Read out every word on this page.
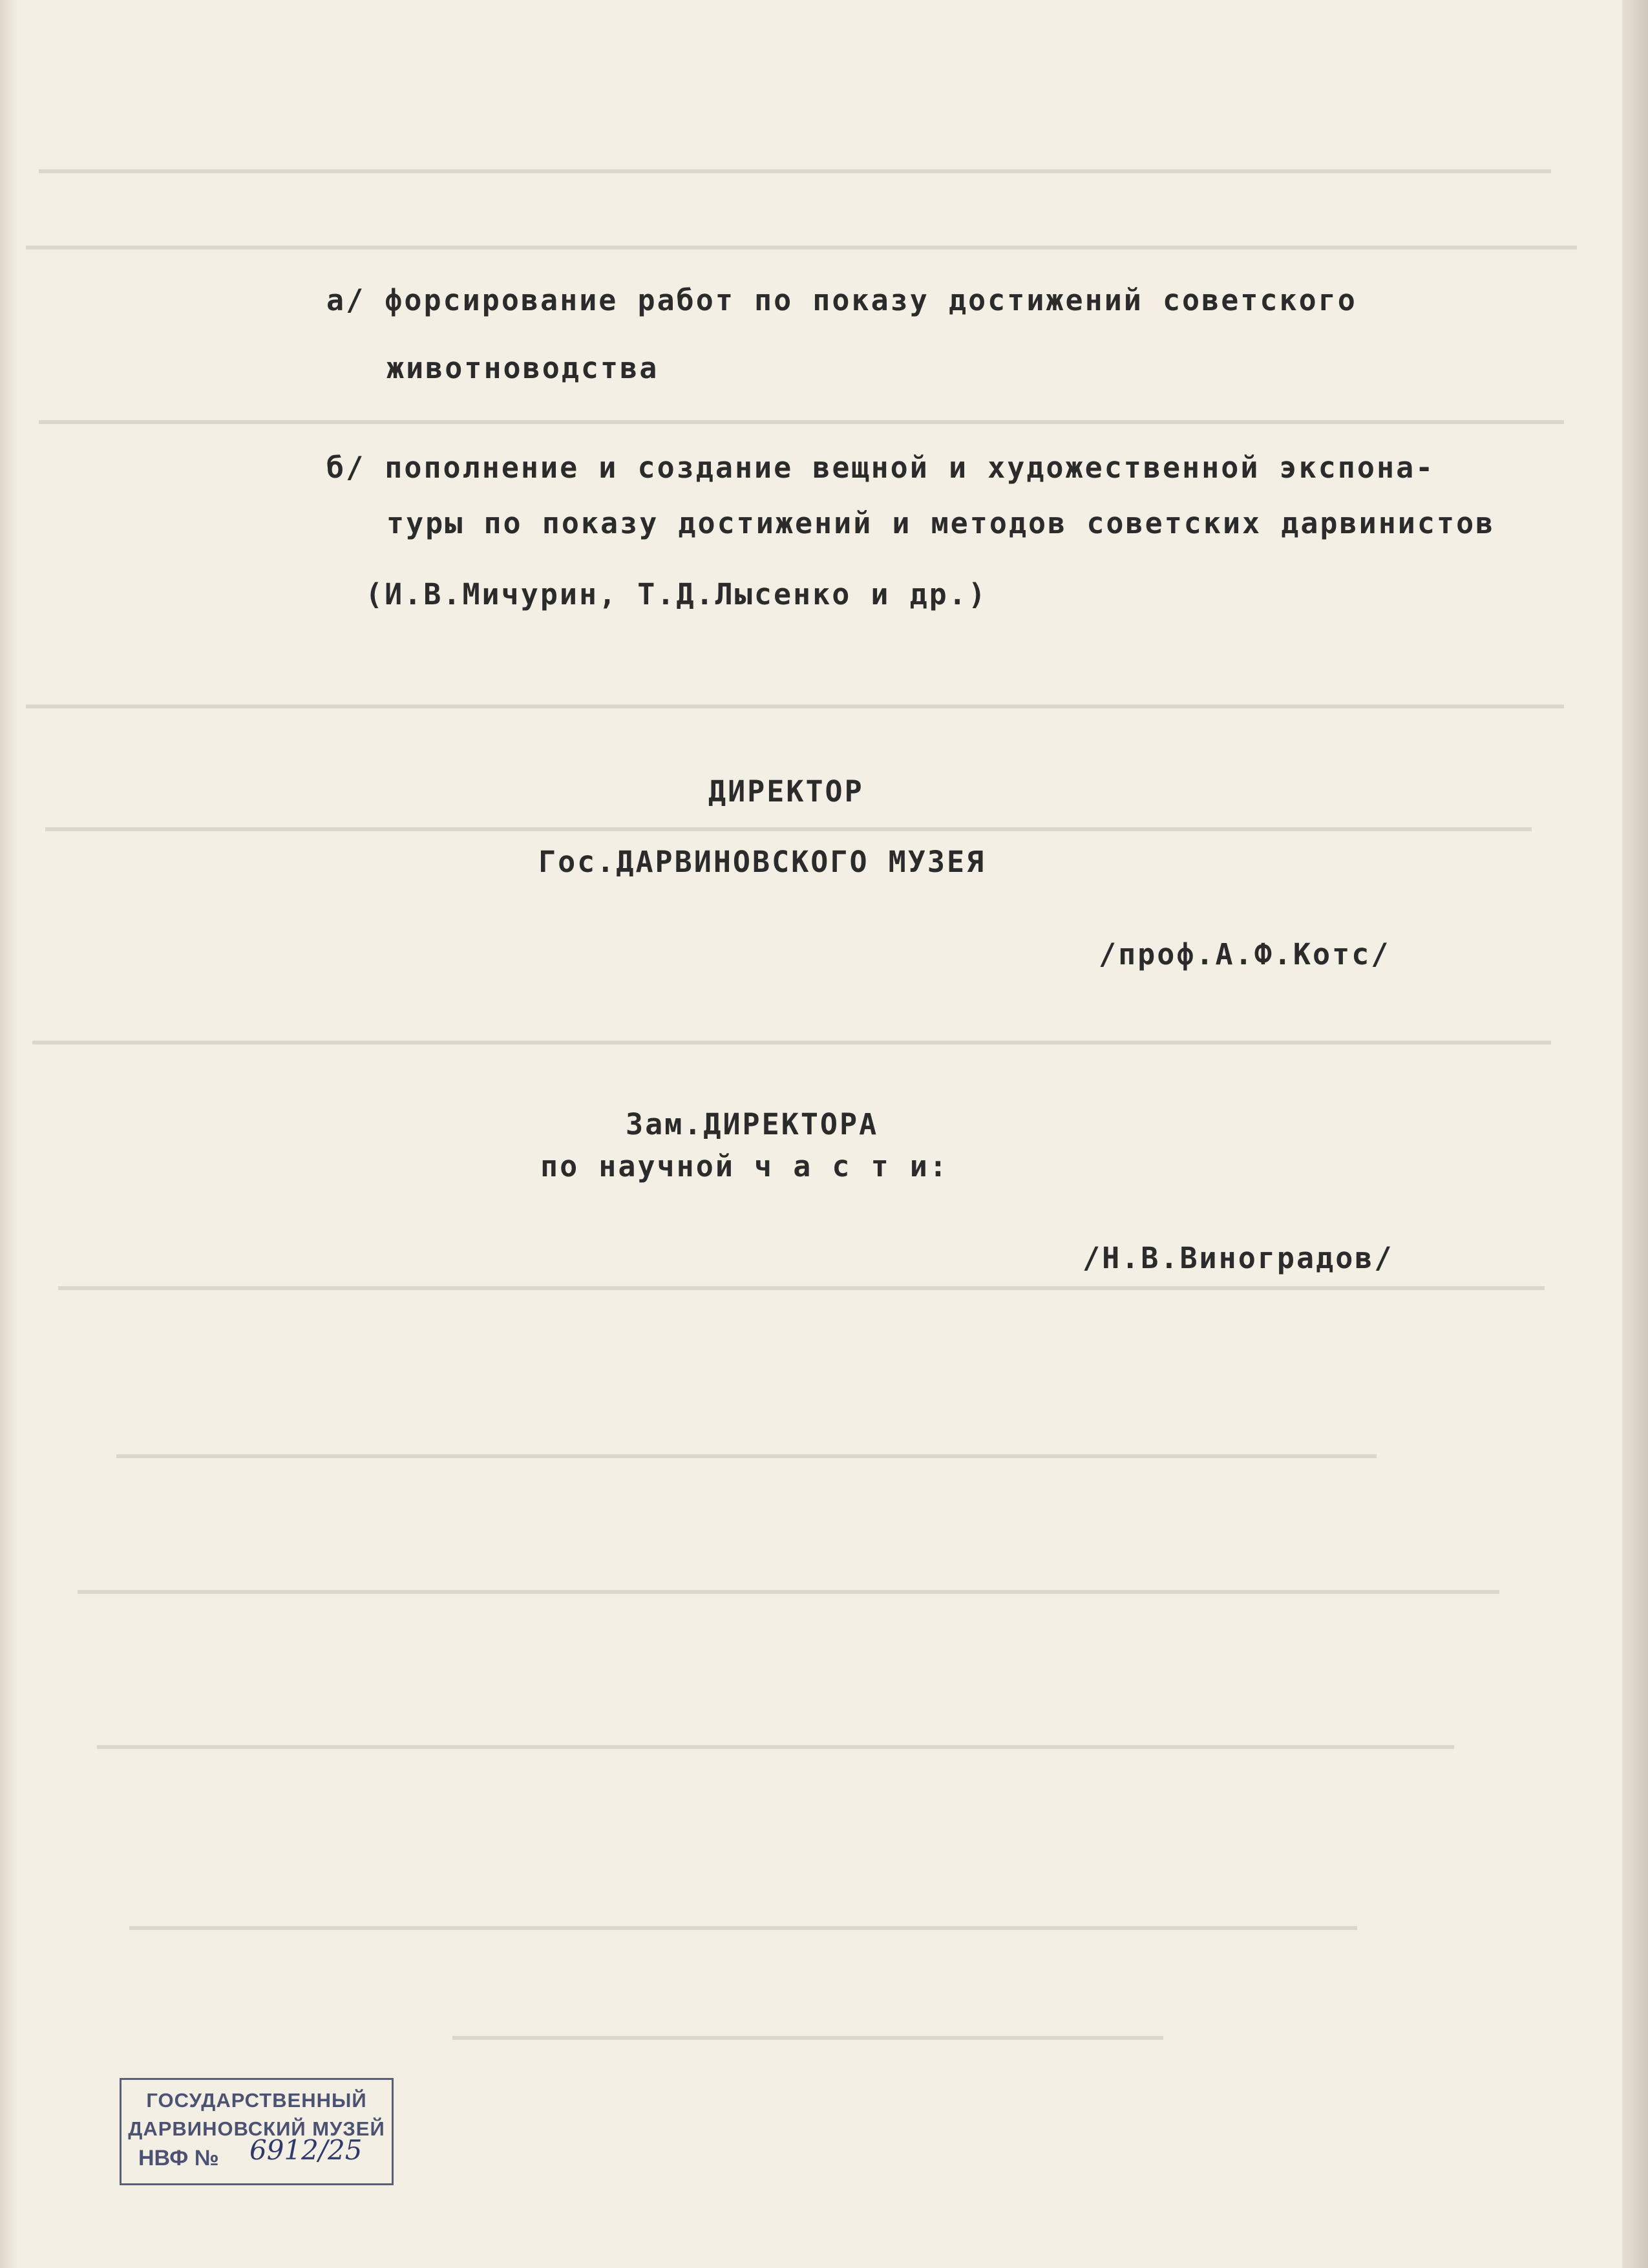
а/ форсирование работ по показу достижений советского
животноводства
б/ пополнение и создание вещной и художественной экспона-
туры по показу достижений и методов советских дарвинистов
(И.В.Мичурин, Т.Д.Лысенко и др.)
ДИРЕКТОР
Гос.ДАРВИНОВСКОГО МУЗЕЯ
/проф.А.Ф.Котс/
Зам.ДИРЕКТОРА
по научной ч а с т и:
/Н.В.Виноградов/
ГОСУДАРСТВЕННЫЙ
ДАРВИНОВСКИЙ МУЗЕЙ
НВФ № 6912/25
